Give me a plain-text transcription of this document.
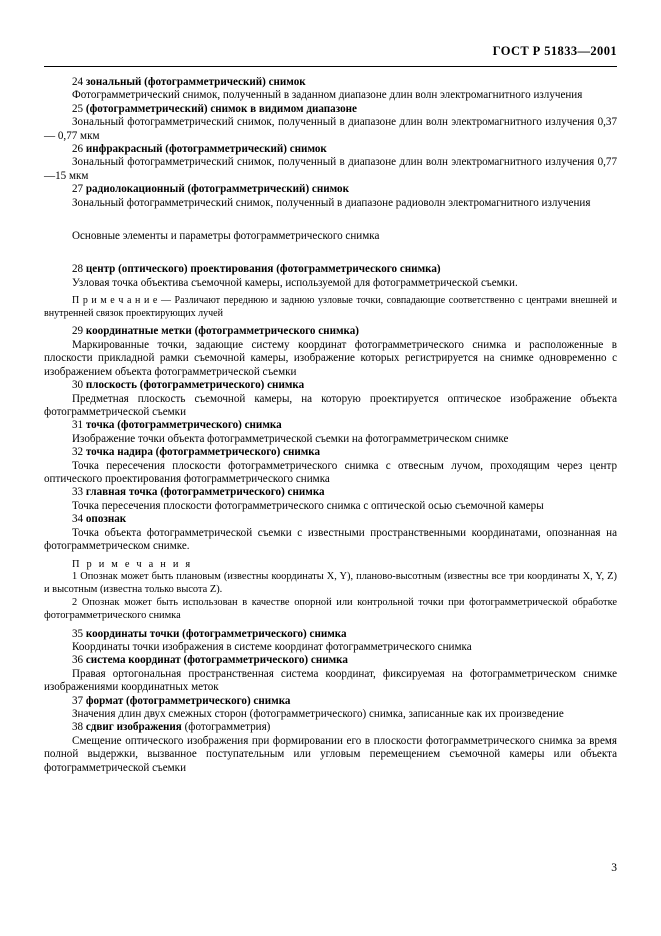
ГОСТ Р 51833—2001

24 зональный (фотограмметрический) снимок

Фотограмметрический снимок, полученный в заданном диапазоне длин волн электромагнитного излучения

25 (фотограмметрический) снимок в видимом диапазоне

Зональный фотограмметрический снимок, полученный в диапазоне длин волн электромагнитного излучения 0,37 — 0,77 мкм

26 инфракрасный (фотограмметрический) снимок

Зональный фотограмметрический снимок, полученный в диапазоне длин волн электромагнитного излучения 0,77—15 мкм

27 радиолокационный (фотограмметрический) снимок

Зональный фотограмметрический снимок, полученный в диапазоне радиоволн электромагнитного излучения

Основные элементы и параметры фотограмметрического снимка

28 центр (оптического) проектирования (фотограмметрического снимка)

Узловая точка объектива съемочной камеры, используемой для фотограмметрической съемки.

П р и м е ч а н и е — Различают переднюю и заднюю узловые точки, совпадающие соответственно с центрами внешней и внутренней связок проектирующих лучей

29 координатные метки (фотограмметрического снимка)

Маркированные точки, задающие систему координат фотограмметрического снимка и расположенные в плоскости прикладной рамки съемочной камеры, изображение которых регистрируется на снимке одновременно с изображением объекта фотограмметрической съемки

30 плоскость (фотограмметрического) снимка

Предметная плоскость съемочной камеры, на которую проектируется оптическое изображение объекта фотограмметрической съемки

31 точка (фотограмметрического) снимка

Изображение точки объекта фотограмметрической съемки на фотограмметрическом снимке

32 точка надира (фотограмметрического) снимка

Точка пересечения плоскости фотограмметрического снимка с отвесным лучом, проходящим через центр оптического проектирования фотограмметрического снимка

33 главная точка (фотограмметрического) снимка

Точка пересечения плоскости фотограмметрического снимка с оптической осью съемочной камеры

34 опознак

Точка объекта фотограмметрической съемки с известными пространственными координатами, опознанная на фотограмметрическом снимке.

П р и м е ч а н и я

1 Опознак может быть плановым (известны координаты X, Y), планово-высотным (известны все три координаты X, Y, Z) и высотным (известна только высота Z).

2 Опознак может быть использован в качестве опорной или контрольной точки при фотограмметрической обработке фотограмметрического снимка

35 координаты точки (фотограмметрического) снимка

Координаты точки изображения в системе координат фотограмметрического снимка

36 система координат (фотограмметрического) снимка

Правая ортогональная пространственная система координат, фиксируемая на фотограмметрическом снимке изображениями координатных меток

37 формат (фотограмметрического) снимка

Значения длин двух смежных сторон (фотограмметрического) снимка, записанные как их произведение

38 сдвиг изображения (фотограмметрия)

Смещение оптического изображения при формировании его в плоскости фотограмметрического снимка за время полной выдержки, вызванное поступательным или угловым перемещением съемочной камеры или объекта фотограмметрической съемки

3
